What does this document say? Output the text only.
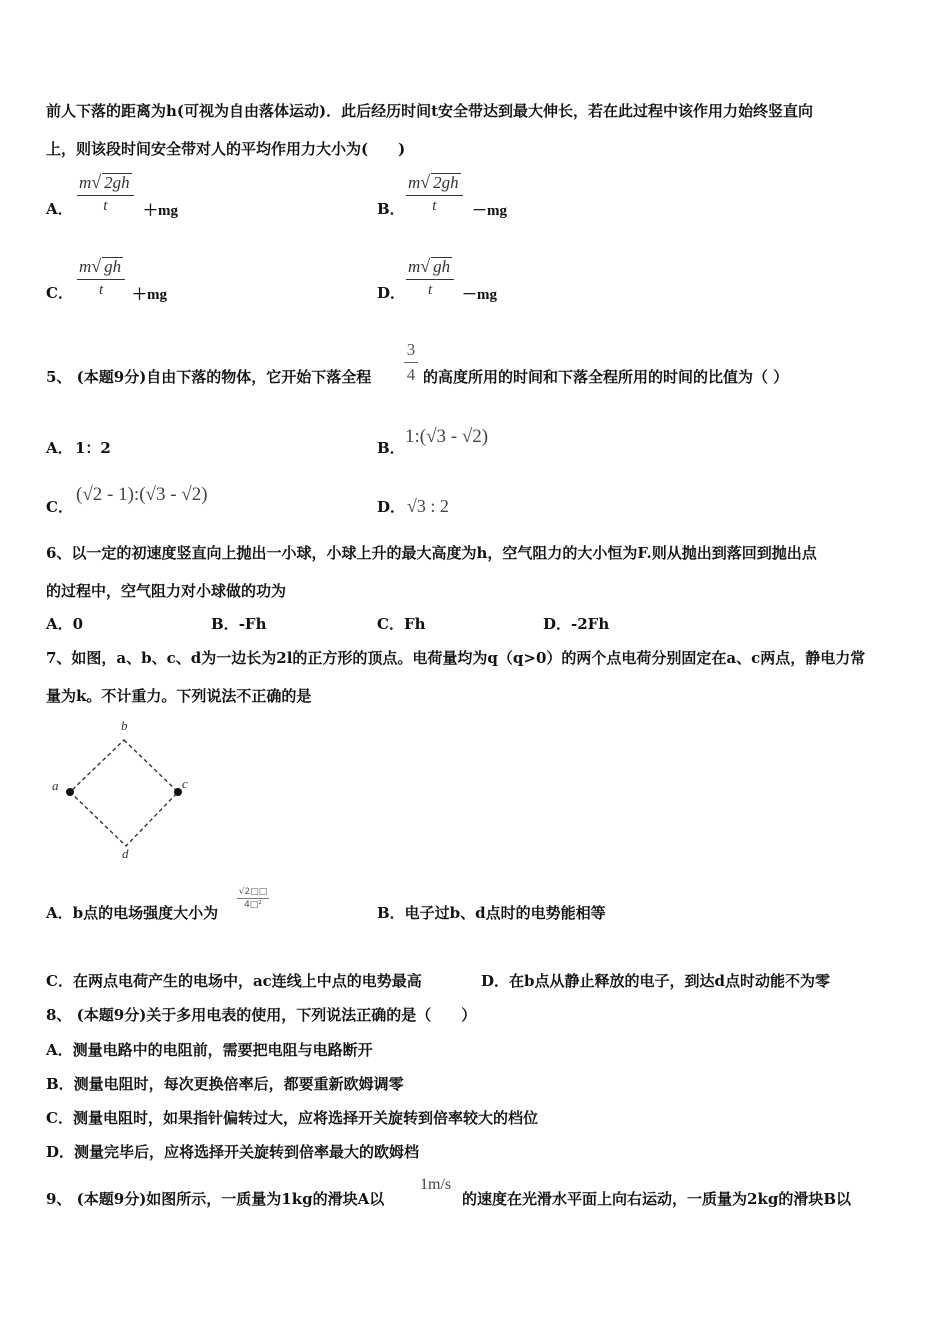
前人下落的距离为h(可视为自由落体运动)．此后经历时间t安全带达到最大伸长，若在此过程中该作用力始终竖直向
上，则该段时间安全带对人的平均作用力大小为(　　)
A．
m√ 2gh
t	＋mg	B．
m√ 2gh
t	－mg
C．
m√ gh
t	＋mg	D．
m√ gh
t	－mg
5、 (本题9分)自由下落的物体，它开始下落全程
3
4 的高度所用的时间和下落全程所用的时间的比值为（ ）
A． 1：2	B．
1:(√3 - √2)
C．
(√2 - 1):(√3 - √2)
D． √3 : 2
6、以一定的初速度竖直向上抛出一小球，小球上升的最大高度为h，空气阻力的大小恒为F.则从抛出到落回到抛出点
的过程中，空气阻力对小球做的功为
A．0	B．-Fh	C．Fh	D．-2Fh
7、如图，a、b、c、d为一边长为2l的正方形的顶点。电荷量均为q（q>0）的两个点电荷分别固定在a、c两点，静电力常
量为k。不计重力。下列说法不正确的是
b
a	c
d
A．b点的电场强度大小为
√2□□
4□²	B．电子过b、d点时的电势能相等
C．在两点电荷产生的电场中，ac连线上中点的电势最高	D．在b点从静止释放的电子，到达d点时动能不为零
8、 (本题9分)关于多用电表的使用，下列说法正确的是（　　）
A．测量电路中的电阻前，需要把电阻与电路断开
B．测量电阻时，每次更换倍率后，都要重新欧姆调零
C．测量电阻时，如果指针偏转过大，应将选择开关旋转到倍率较大的档位
D．测量完毕后，应将选择开关旋转到倍率最大的欧姆档
9、 (本题9分)如图所示，一质量为1kg的滑块A以
1m/s
的速度在光滑水平面上向右运动，一质量为2kg的滑块B以
